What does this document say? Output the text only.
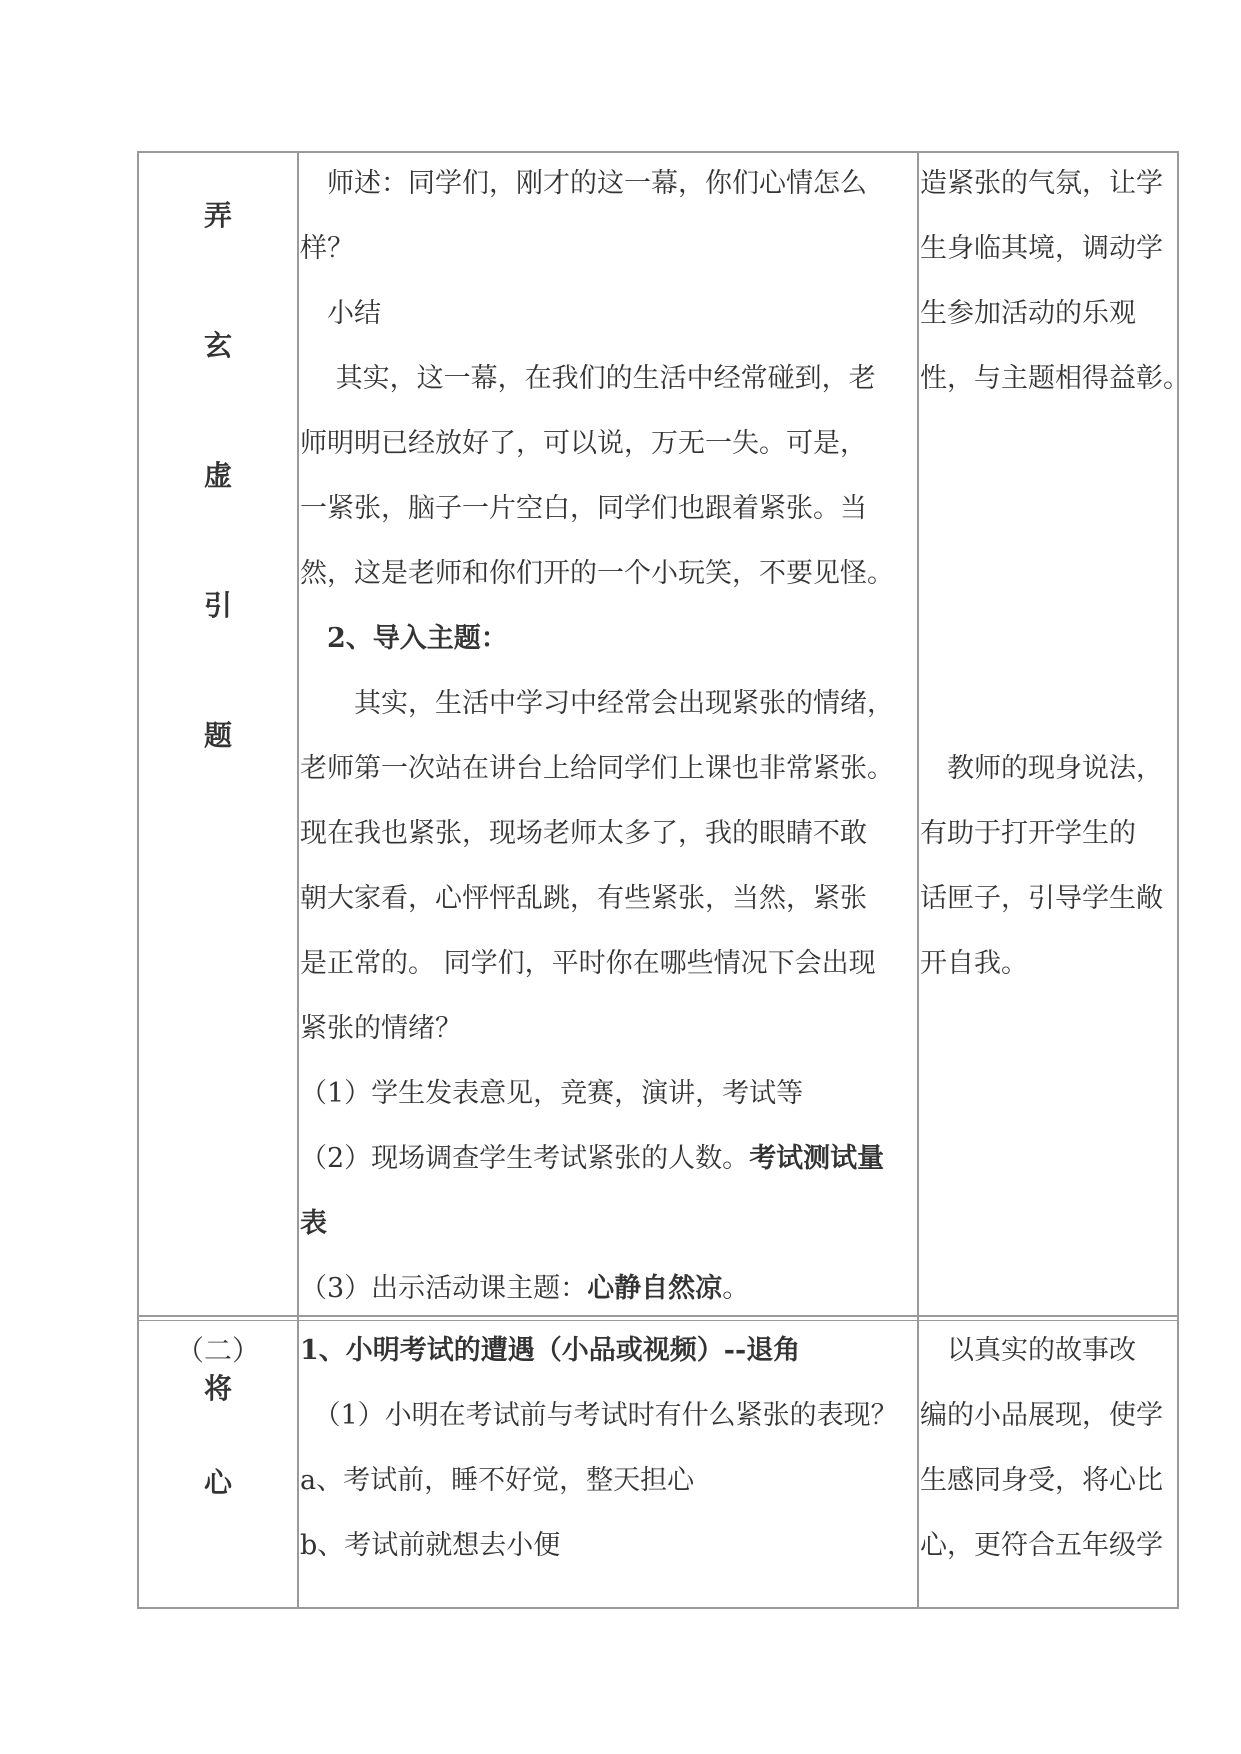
弄
玄
虚
引
题
　师述：同学们，刚才的这一幕，你们心情怎么
样？
　小结
　 其实，这一幕，在我们的生活中经常碰到，老
师明明已经放好了，可以说，万无一失。可是，
一紧张，脑子一片空白，同学们也跟着紧张。当
然，这是老师和你们开的一个小玩笑，不要见怪。
　2、导入主题：
　　其实，生活中学习中经常会出现紧张的情绪，
老师第一次站在讲台上给同学们上课也非常紧张。
现在我也紧张，现场老师太多了，我的眼睛不敢
朝大家看，心怦怦乱跳，有些紧张，当然，紧张
是正常的。 同学们，平时你在哪些情况下会出现
紧张的情绪？
（1）学生发表意见，竞赛，演讲，考试等
（2）现场调查学生考试紧张的人数。考试测试量
表
（3）出示活动课主题：心静自然凉。
造紧张的气氛，让学
生身临其境，调动学
生参加活动的乐观
性，与主题相得益彰。
　教师的现身说法，
有助于打开学生的
话匣子，引导学生敞
开自我。
（二）
将
心
1、小明考试的遭遇（小品或视频）--退角
　（1）小明在考试前与考试时有什么紧张的表现？
a、考试前，睡不好觉，整天担心
b、考试前就想去小便
　以真实的故事改
编的小品展现，使学
生感同身受，将心比
心，更符合五年级学
